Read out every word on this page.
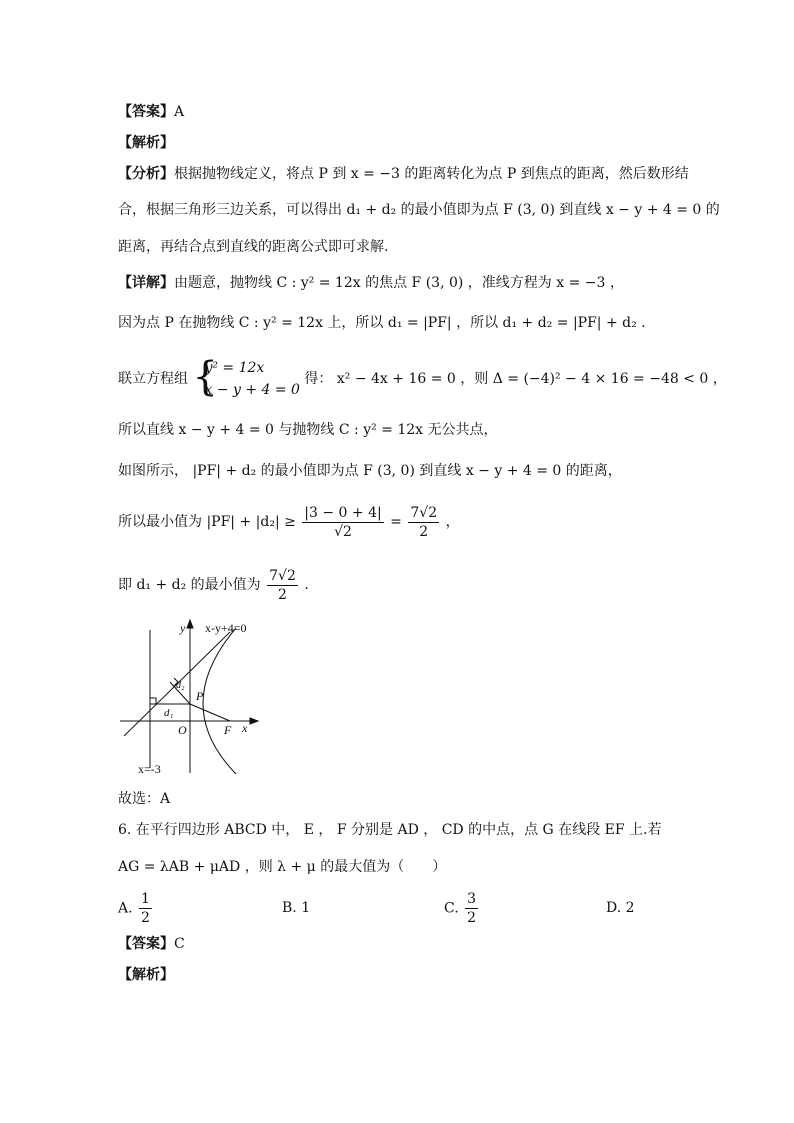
【答案】A
【解析】
【分析】根据抛物线定义，将点 P 到 x = −3 的距离转化为点 P 到焦点的距离，然后数形结
合，根据三角形三边关系，可以得出 d₁ + d₂ 的最小值即为点 F (3, 0) 到直线 x − y + 4 = 0 的
距离，再结合点到直线的距离公式即可求解.
【详解】由题意，抛物线 C : y² = 12x 的焦点 F (3, 0) ，准线方程为 x = −3 ，
因为点 P 在抛物线 C : y² = 12x 上，所以 d₁ = |PF| ，所以 d₁ + d₂ = |PF| + d₂ .
联立方程组 {
y² = 12x
x − y + 4 = 0
得： x² − 4x + 16 = 0 ，则 Δ = (−4)² − 4 × 16 = −48 < 0 ，
所以直线 x − y + 4 = 0 与抛物线 C : y² = 12x 无公共点，
如图所示， |PF| + d₂ 的最小值即为点 F (3, 0) 到直线 x − y + 4 = 0 的距离，
所以最小值为 $|PF| + |d_2| \ge \frac{|3 - 0 + 4|}{√2} = \frac{7√2}{2}$ ，
即 d₁ + d₂ 的最小值为 $\frac{7√2}{2}$ .
y
x
x-y+4=0
d₂
P
d₁
O	F
x=-3
故选：A
6. 在平行四边形 ABCD 中， E ， F 分别是 AD ， CD 的中点，点 G 在线段 EF 上.若
AG = λAB + μAD ，则 λ + μ 的最大值为（　　）
A. $\frac{1}{2}$	B. 1	C. $\frac{3}{2}$	D. 2
【答案】C
【解析】
